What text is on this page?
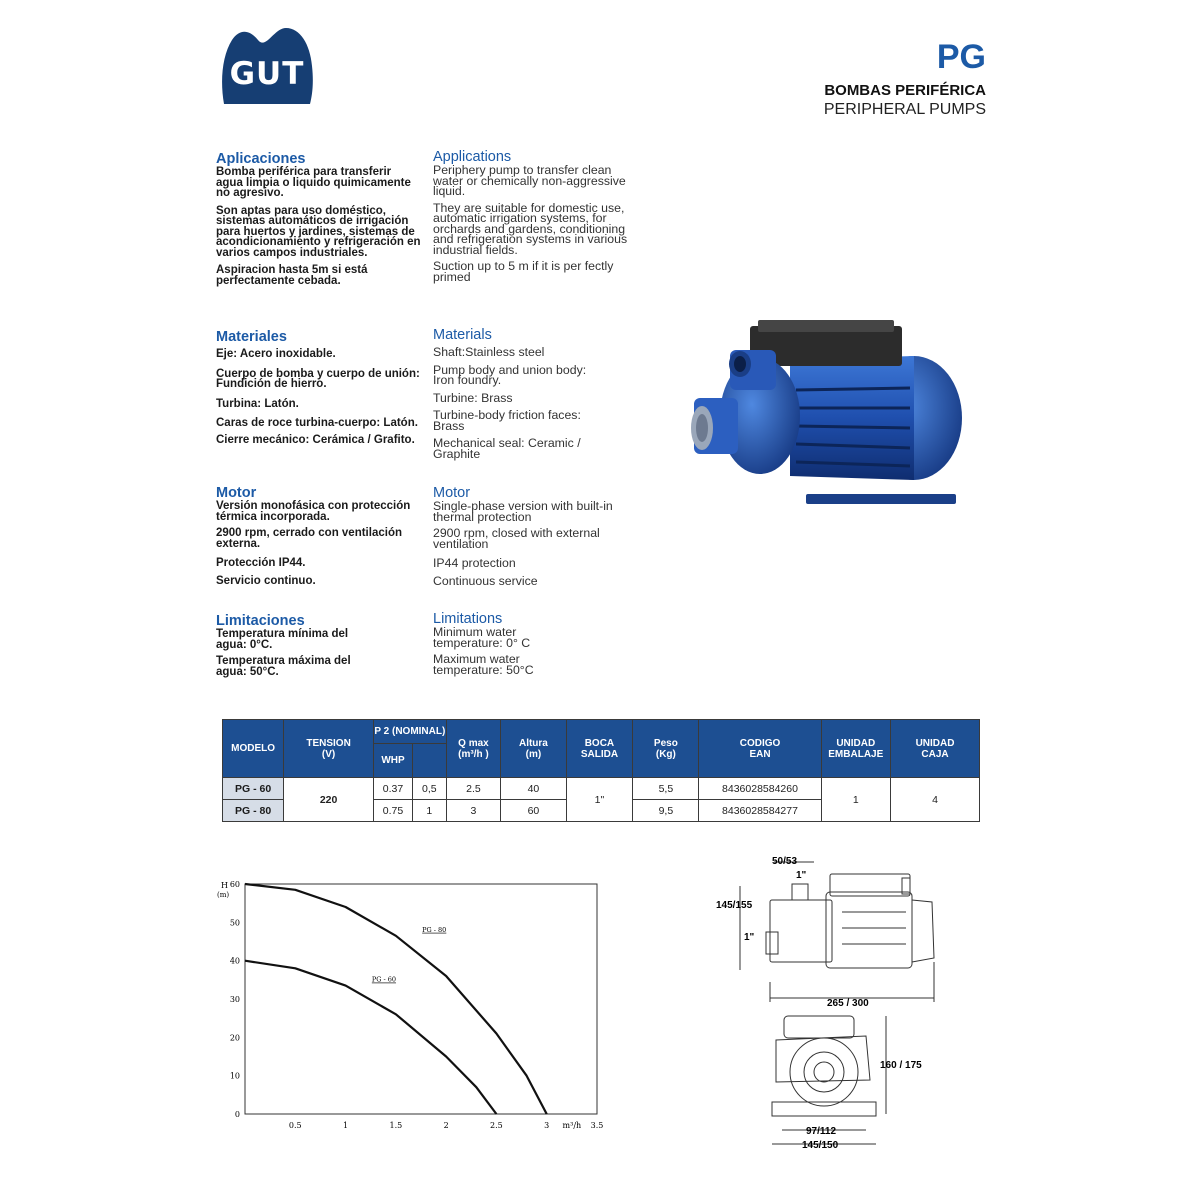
GUT	PG
BOMBAS PERIFÉRICA
PERIPHERAL PUMPS
Aplicaciones
Bomba periférica para transferir agua limpia o liquido quimicamente no agresivo.
Son aptas para uso doméstico, sistemas automáticos de irrigación para huertos y jardines, sistemas de acondicionamiento y refrigeración en varios campos industriales.
Aspiracion hasta 5m si está perfectamente cebada.
Applications
Periphery pump to transfer clean water or chemically non-aggressive liquid.
They are suitable for domestic use, automatic irrigation systems, for orchards and gardens, conditioning and refrigeration systems in various industrial fields.
Suction up to 5 m if it is per fectly primed
Materiales
Eje: Acero inoxidable.
Cuerpo de bomba y cuerpo de unión: Fundición de hierro.
Turbina: Latón.
Caras de roce turbina-cuerpo: Latón.
Cierre mecánico: Cerámica / Grafito.
Materials
Shaft:Stainless steel
Pump body and union body: Iron foundry.
Turbine: Brass
Turbine-body friction faces: Brass
Mechanical seal: Ceramic / Graphite
Motor
Versión monofásica con protección térmica incorporada.
2900 rpm, cerrado con ventilación externa.
Protección IP44.
Servicio continuo.
Motor
Single-phase version with built-in thermal protection
2900 rpm, closed with external ventilation
IP44 protection
Continuous service
Limitaciones
Temperatura mínima del agua: 0°C.
Temperatura máxima del agua: 50°C.
Limitations
Minimum water temperature: 0° C
Maximum water temperature: 50°C
MODELO	TENSION (V)	P 2 (NOMINAL)		Q max (m³/h )	Altura (m)	BOCA SALIDA	Peso (Kg)	CODIGO EAN	UNIDAD EMBALAJE	UNIDAD CAJA
		WHP								
PG - 60	220	0.37	0,5	2.5	40	1"	5,5	8436028584260	1	4
PG - 80		0.75	1	3	60		9,5	8436028584277		
H
(m)
0
10
20
30
40
50
60
0.5	1	1.5	2	2.5	3	3.5
m³/h
PG - 80
PG - 60
50/53
1"
145/155
1"
265 / 300
160 / 175
97/112
145/150
